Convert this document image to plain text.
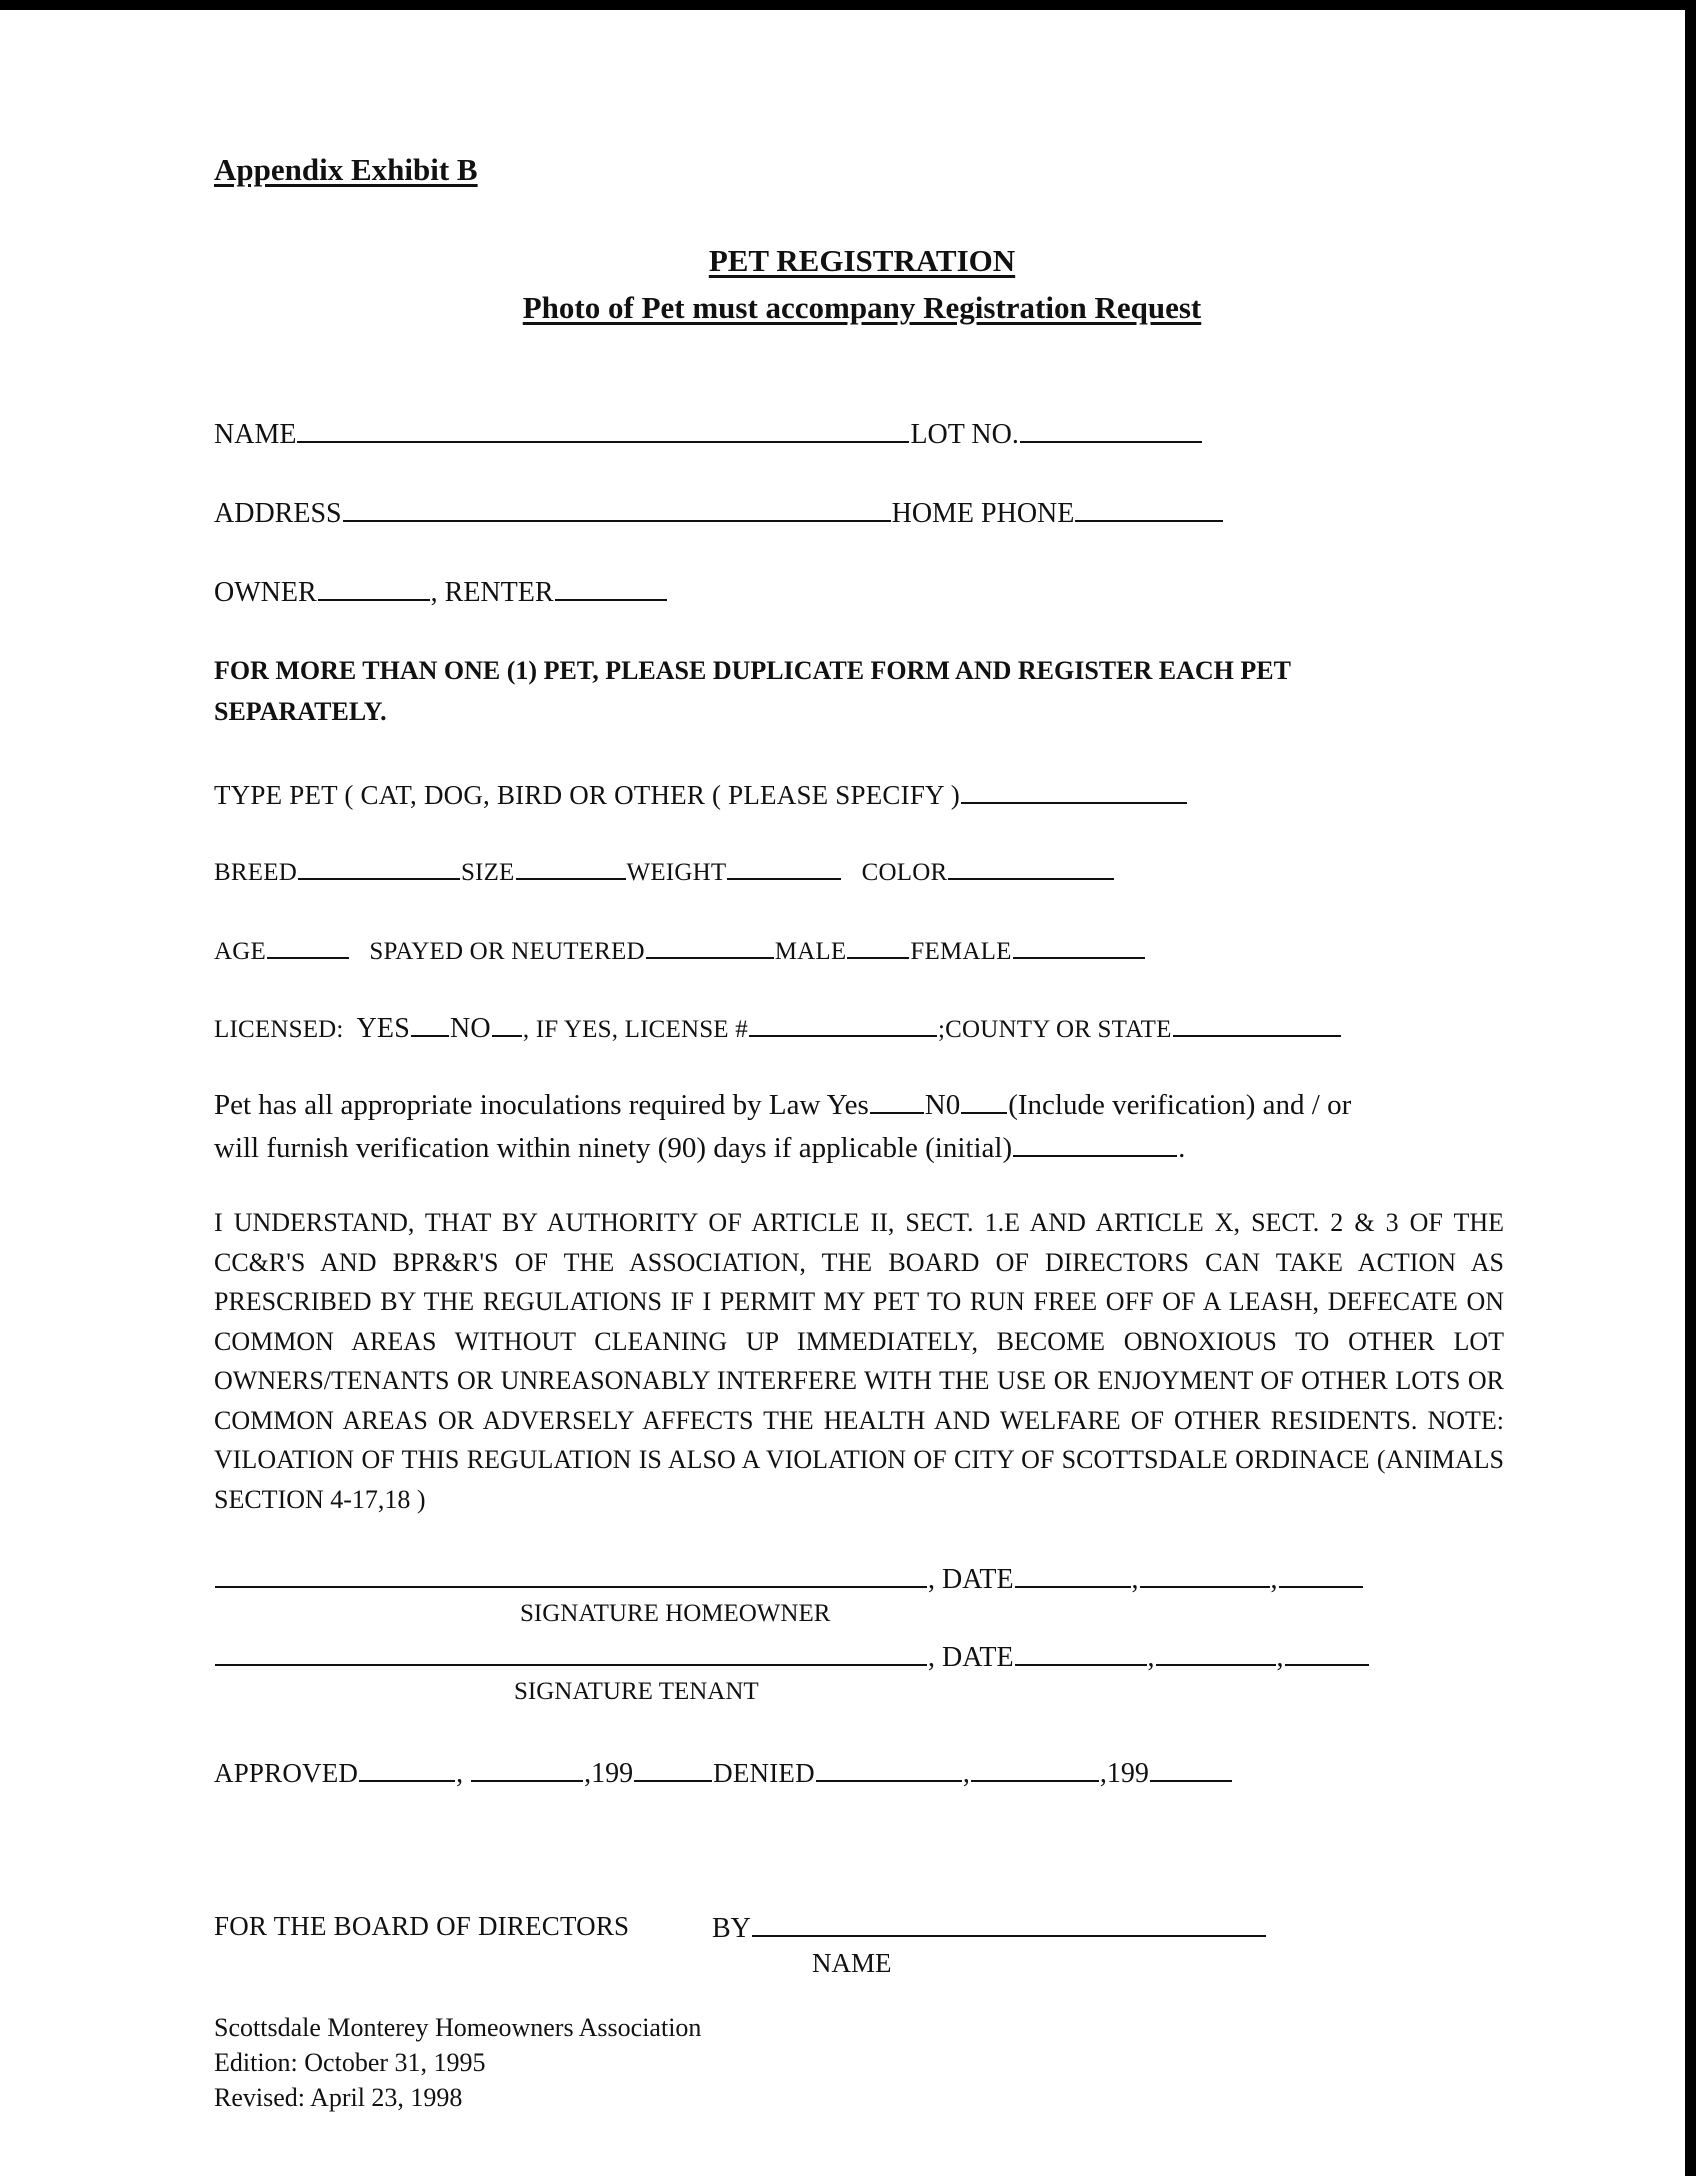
Appendix Exhibit B
PET REGISTRATION
Photo of Pet must accompany Registration Request
NAME	LOT NO.
ADDRESS	HOME PHONE
OWNER	, RENTER
FOR MORE THAN ONE (1) PET, PLEASE DUPLICATE FORM AND REGISTER EACH PET
SEPARATELY.
TYPE PET ( CAT, DOG, BIRD OR OTHER ( PLEASE SPECIFY )
BREED	SIZE	WEIGHT	COLOR
AGE	SPAYED OR NEUTERED	MALE	FEMALE
LICENSED: YES NO , IF YES, LICENSE #	;COUNTY OR STATE
Pet has all appropriate inoculations required by Law Yes N0 (Include verification) and / or
will furnish verification within ninety (90) days if applicable (initial)	.
I UNDERSTAND, THAT BY AUTHORITY OF ARTICLE II, SECT. 1.E AND ARTICLE X, SECT. 2 & 3 OF THE CC&R'S AND BPR&R'S OF THE ASSOCIATION, THE BOARD OF DIRECTORS CAN TAKE ACTION AS PRESCRIBED BY THE REGULATIONS IF I PERMIT MY PET TO RUN FREE OFF OF A LEASH, DEFECATE ON COMMON AREAS WITHOUT CLEANING UP IMMEDIATELY, BECOME OBNOXIOUS TO OTHER LOT OWNERS/TENANTS OR UNREASONABLY INTERFERE WITH THE USE OR ENJOYMENT OF OTHER LOTS OR COMMON AREAS OR ADVERSELY AFFECTS THE HEALTH AND WELFARE OF OTHER RESIDENTS. NOTE: VILOATION OF THIS REGULATION IS ALSO A VIOLATION OF CITY OF SCOTTSDALE ORDINACE (ANIMALS SECTION 4-17,18 )
, DATE	,	,
SIGNATURE HOMEOWNER
, DATE	,	,
SIGNATURE TENANT
APPROVED	,	,199	DENIED	,	,199
FOR THE BOARD OF DIRECTORS	BY
NAME
Scottsdale Monterey Homeowners Association
Edition: October 31, 1995
Revised: April 23, 1998
